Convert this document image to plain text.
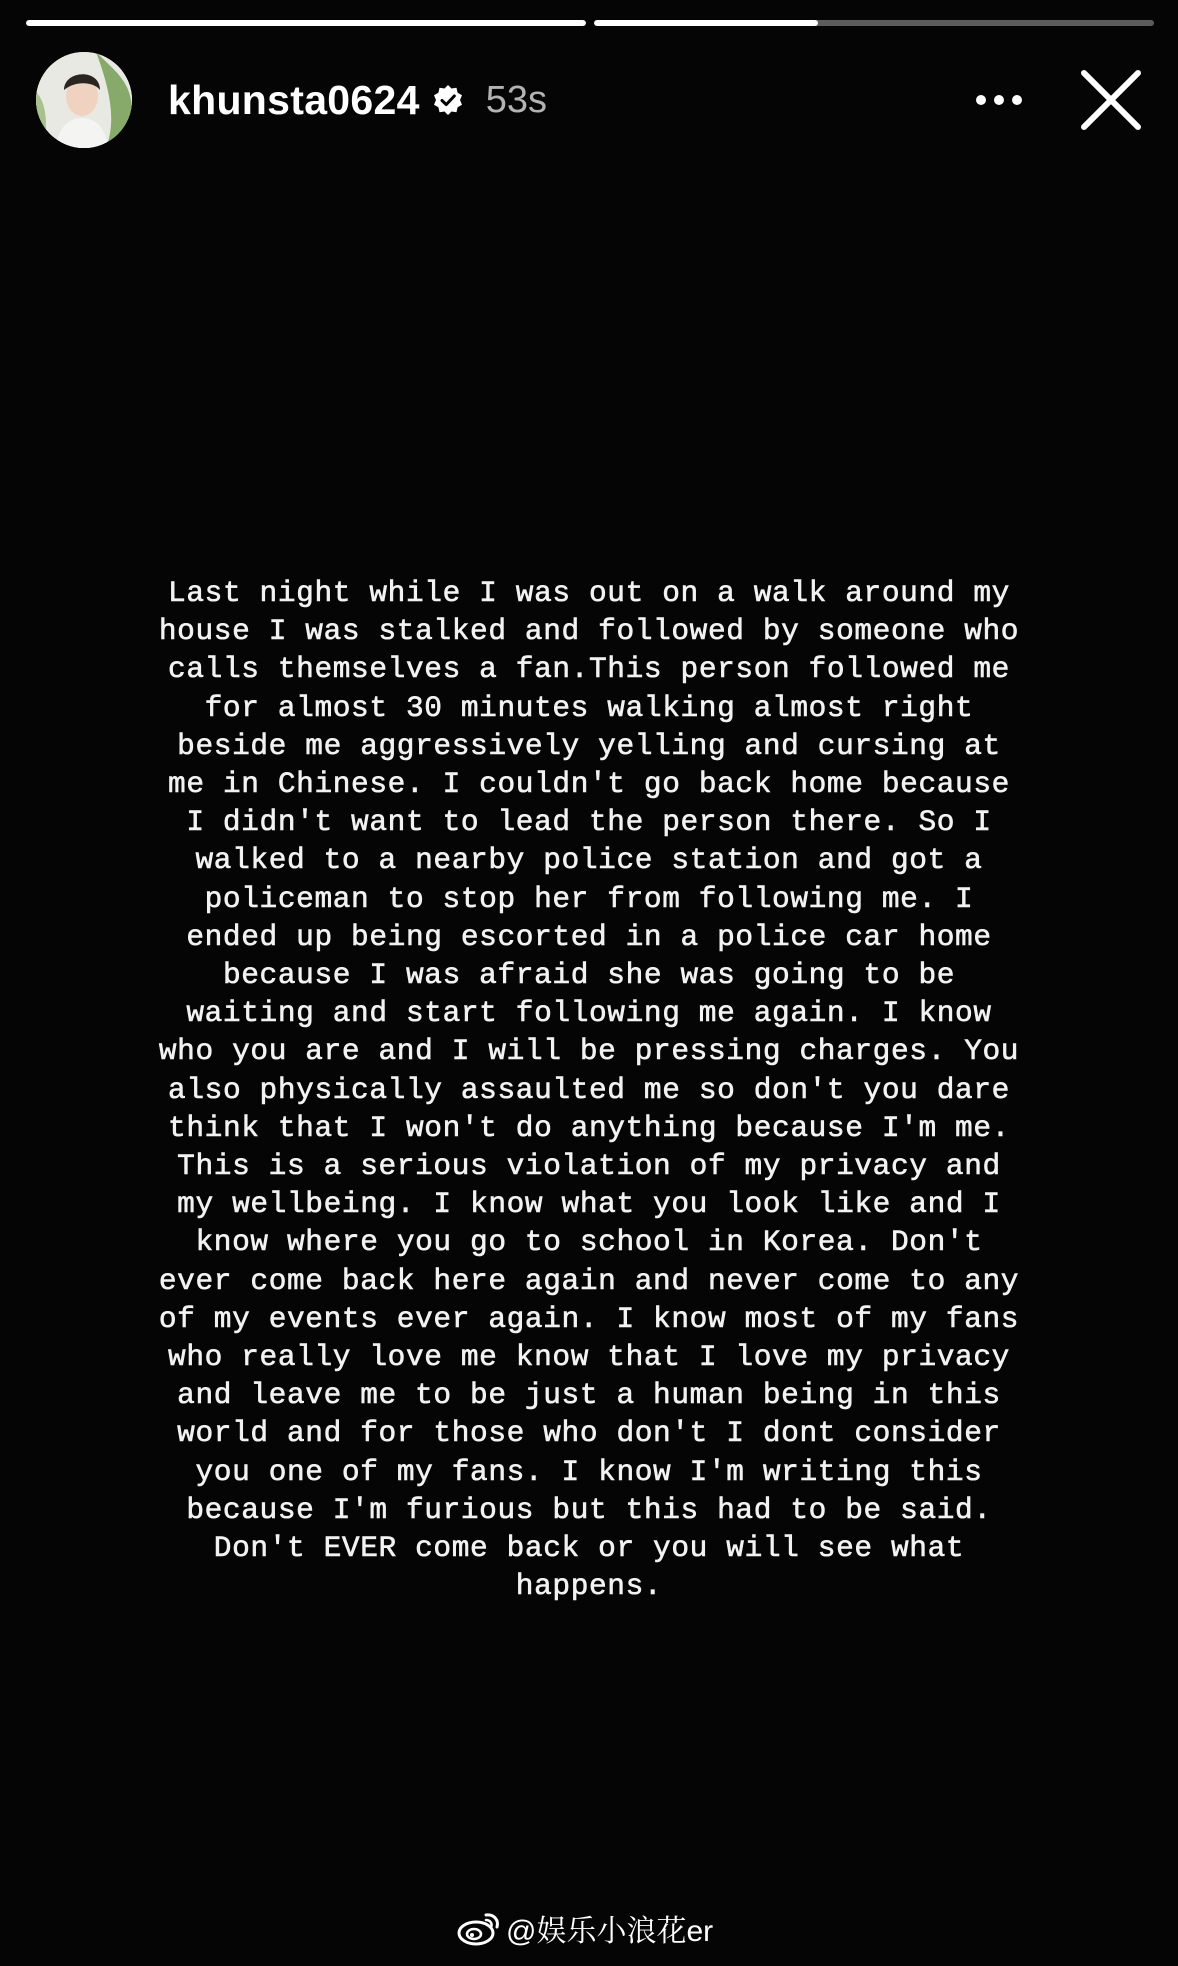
khunsta0624 53s
Last night while I was out on a walk around my
house I was stalked and followed by someone who
calls themselves a fan.This person followed me
for almost 30 minutes walking almost right
beside me aggressively yelling and cursing at
me in Chinese. I couldn't go back home because
I didn't want to lead the person there. So I
walked to a nearby police station and got a
policeman to stop her from following me. I
ended up being escorted in a police car home
because I was afraid she was going to be
waiting and start following me again. I know
who you are and I will be pressing charges. You
also physically assaulted me so don't you dare
think that I won't do anything because I'm me.
This is a serious violation of my privacy and
my wellbeing. I know what you look like and I
know where you go to school in Korea. Don't
ever come back here again and never come to any
of my events ever again. I know most of my fans
who really love me know that I love my privacy
and leave me to be just a human being in this
world and for those who don't I dont consider
you one of my fans. I know I'm writing this
because I'm furious but this had to be said.
Don't EVER come back or you will see what
happens.
@娱乐小浪花er
